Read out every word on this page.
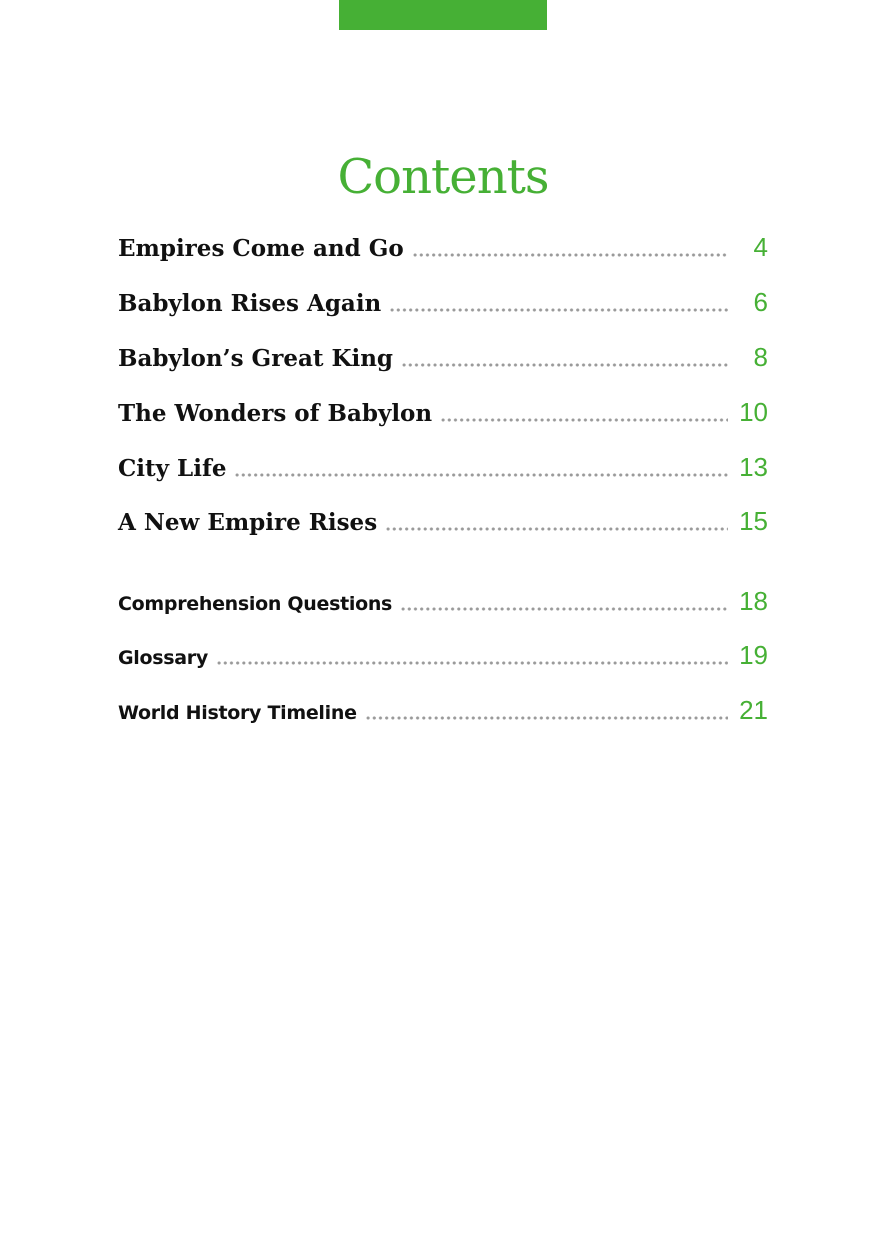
Contents
Empires Come and Go	4
Babylon Rises Again	6
Babylon’s Great King	8
The Wonders of Babylon	10
City Life	13
A New Empire Rises	15
Comprehension Questions	18
Glossary	19
World History Timeline	21
